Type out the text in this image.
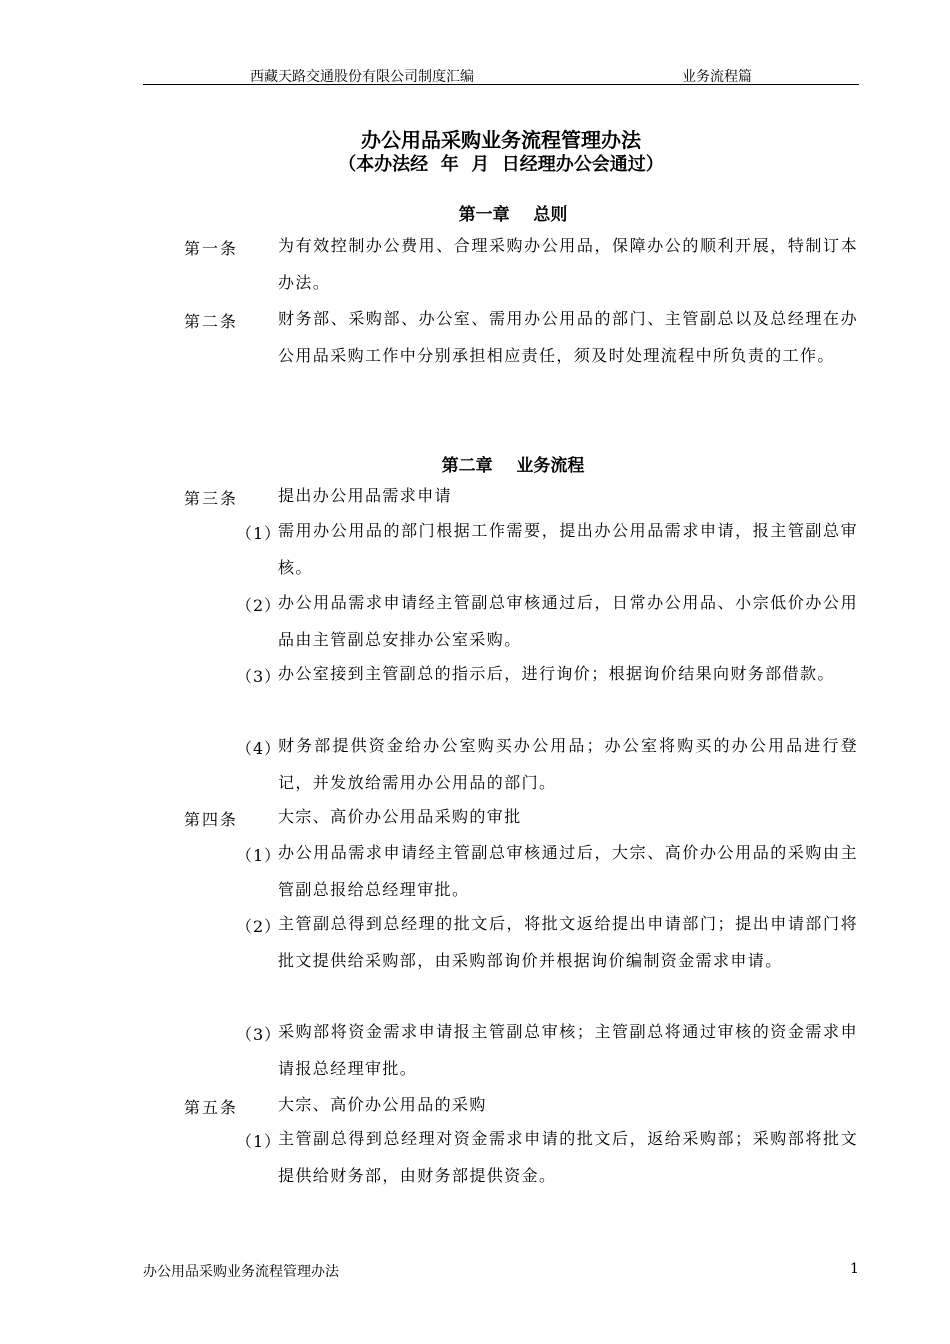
西藏天路交通股份有限公司制度汇编	业务流程篇
办公用品采购业务流程管理办法
（本办法经  年  月  日经理办公会通过）
第一章    总则
第一条 为有效控制办公费用、合理采购办公用品，保障办公的顺利开展，特制订本办法。
第二条 财务部、采购部、办公室、需用办公用品的部门、主管副总以及总经理在办公用品采购工作中分别承担相应责任，须及时处理流程中所负责的工作。
第二章    业务流程
第三条 提出办公用品需求申请
（1）
需用办公用品的部门根据工作需要，提出办公用品需求申请，报主管副总审核。
（2）
办公用品需求申请经主管副总审核通过后，日常办公用品、小宗低价办公用品由主管副总安排办公室采购。
（3）
办公室接到主管副总的指示后，进行询价；根据询价结果向财务部借款。
（4）
财务部提供资金给办公室购买办公用品；办公室将购买的办公用品进行登记，并发放给需用办公用品的部门。
第四条 大宗、高价办公用品采购的审批
（1）
办公用品需求申请经主管副总审核通过后，大宗、高价办公用品的采购由主管副总报给总经理审批。
（2）
主管副总得到总经理的批文后，将批文返给提出申请部门；提出申请部门将批文提供给采购部，由采购部询价并根据询价编制资金需求申请。
（3）
采购部将资金需求申请报主管副总审核；主管副总将通过审核的资金需求申请报总经理审批。
第五条 大宗、高价办公用品的采购
（1）
主管副总得到总经理对资金需求申请的批文后，返给采购部；采购部将批文提供给财务部，由财务部提供资金。
办公用品采购业务流程管理办法	1
